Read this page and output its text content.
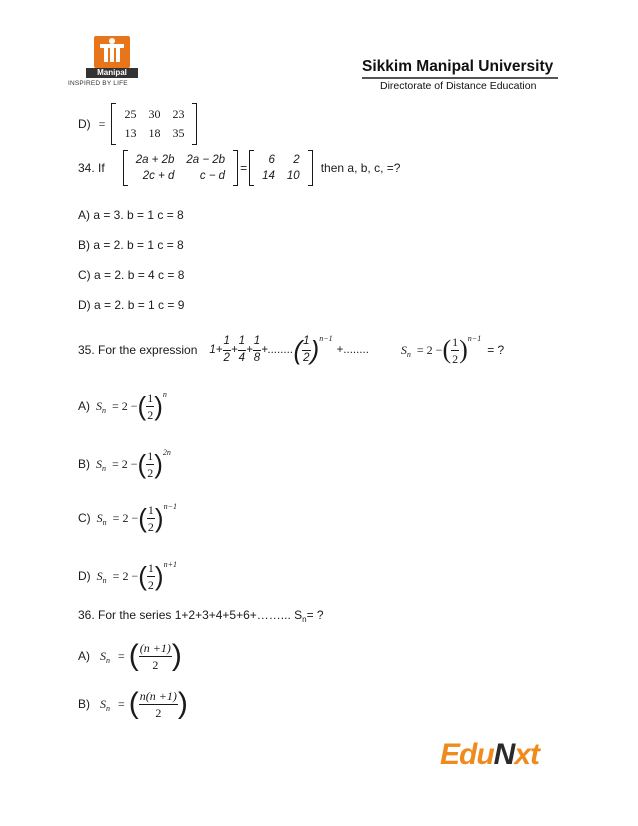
Manipal
INSPIRED BY LIFE
Sikkim Manipal University
Directorate of Distance Education
D) =
25	30	23
13	18	35
34. If
2a + 2b	2a − 2b
2c + d	c − d
=
6	2
14	10
then a, b, c, =?
A) a = 3. b = 1 c = 8
B) a = 2. b = 1 c = 8
C) a = 2. b = 4 c = 8
D) a = 2. b = 1 c = 9
35. For the expression $1+ \frac{1}{2} + \frac{1}{4} + \frac{1}{8}$ + ........ ( $\frac{1}{2}$ ) n−1
+........	S n = 2 − ( $\frac{1}{2}$ ) n−1
= ?
A) S n = 2 − ( $\frac{1}{2}$ ) n
B) S n = 2 − ( $\frac{1}{2}$ ) 2n
C) S n = 2 − ( $\frac{1}{2}$ ) n−1
D) S n = 2 − ( $\frac{1}{2}$ ) n+1
36. For the series 1+2+3+4+5+6+……... $S_n=$ ?
A) S n = ( $\frac{(n +1)}{2}$ )
B) S n = ( $\frac{n(n +1)}{2}$ )
EduNxt
